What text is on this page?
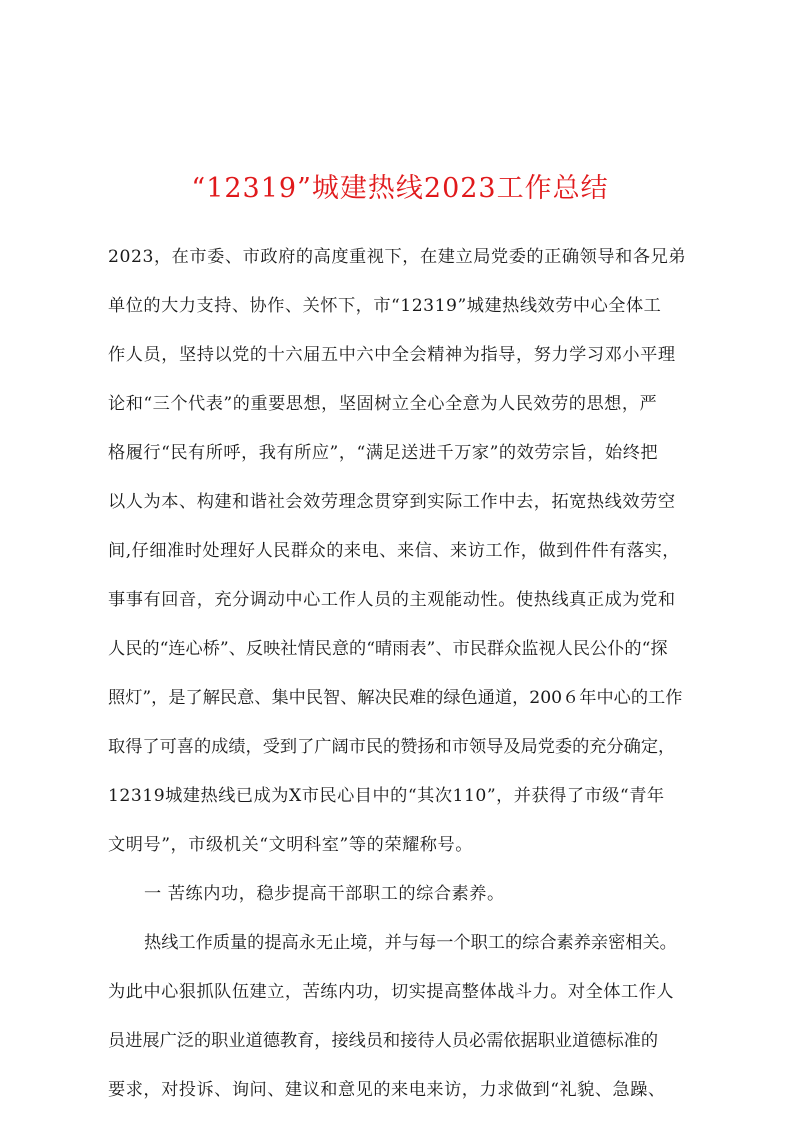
“12319”城建热线2023工作总结
2023，在市委、市政府的高度重视下，在建立局党委的正确领导和各兄弟
单位的大力支持、协作、关怀下，市“12319”城建热线效劳中心全体工
作人员，坚持以党的十六届五中六中全会精神为指导，努力学习邓小平理
论和“三个代表”的重要思想，坚固树立全心全意为人民效劳的思想，严
格履行“民有所呼，我有所应”，“满足送进千万家”的效劳宗旨，始终把
以人为本、构建和谐社会效劳理念贯穿到实际工作中去，拓宽热线效劳空
间,仔细准时处理好人民群众的来电、来信、来访工作，做到件件有落实，
事事有回音，充分调动中心工作人员的主观能动性。使热线真正成为党和
人民的“连心桥”、反映社情民意的“晴雨表”、市民群众监视人民公仆的“探
照灯”，是了解民意、集中民智、解决民难的绿色通道，200６年中心的工作
取得了可喜的成绩，受到了广阔市民的赞扬和市领导及局党委的充分确定，
12319城建热线已成为X市民心目中的“其次110”，并获得了市级“青年
文明号”，市级机关“文明科室”等的荣耀称号。
一 苦练内功，稳步提高干部职工的综合素养。
热线工作质量的提高永无止境，并与每一个职工的综合素养亲密相关。
为此中心狠抓队伍建立，苦练内功，切实提高整体战斗力。对全体工作人
员进展广泛的职业道德教育，接线员和接待人员必需依据职业道德标准的
要求，对投诉、询问、建议和意见的来电来访，力求做到“礼貌、急躁、
